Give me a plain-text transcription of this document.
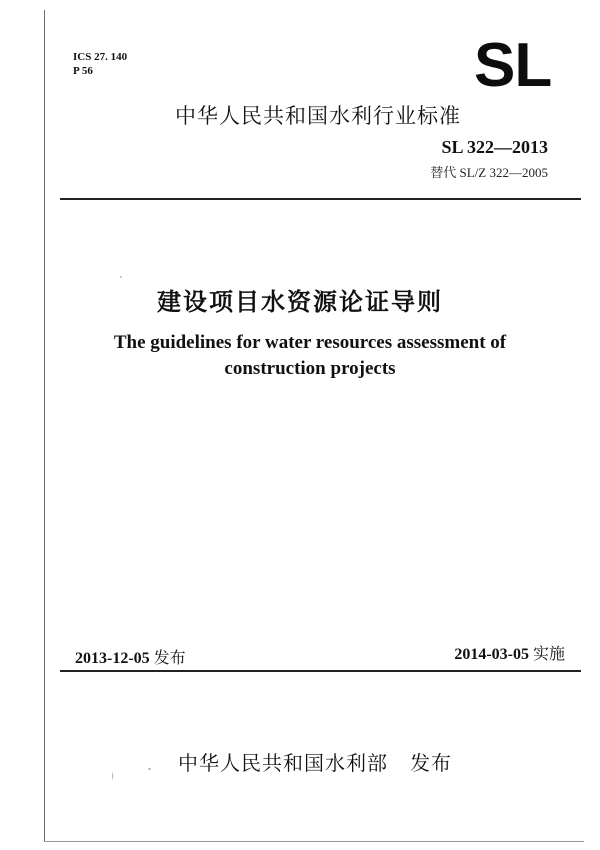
ICS 27. 140
P 56	SL
中华人民共和国水利行业标准
SL 322—2013
替代 SL/Z 322—2005
建设项目水资源论证导则
The guidelines for water resources assessment of
construction projects
2013-12-05 发布	2014-03-05 实施
中华人民共和国水利部 发布
